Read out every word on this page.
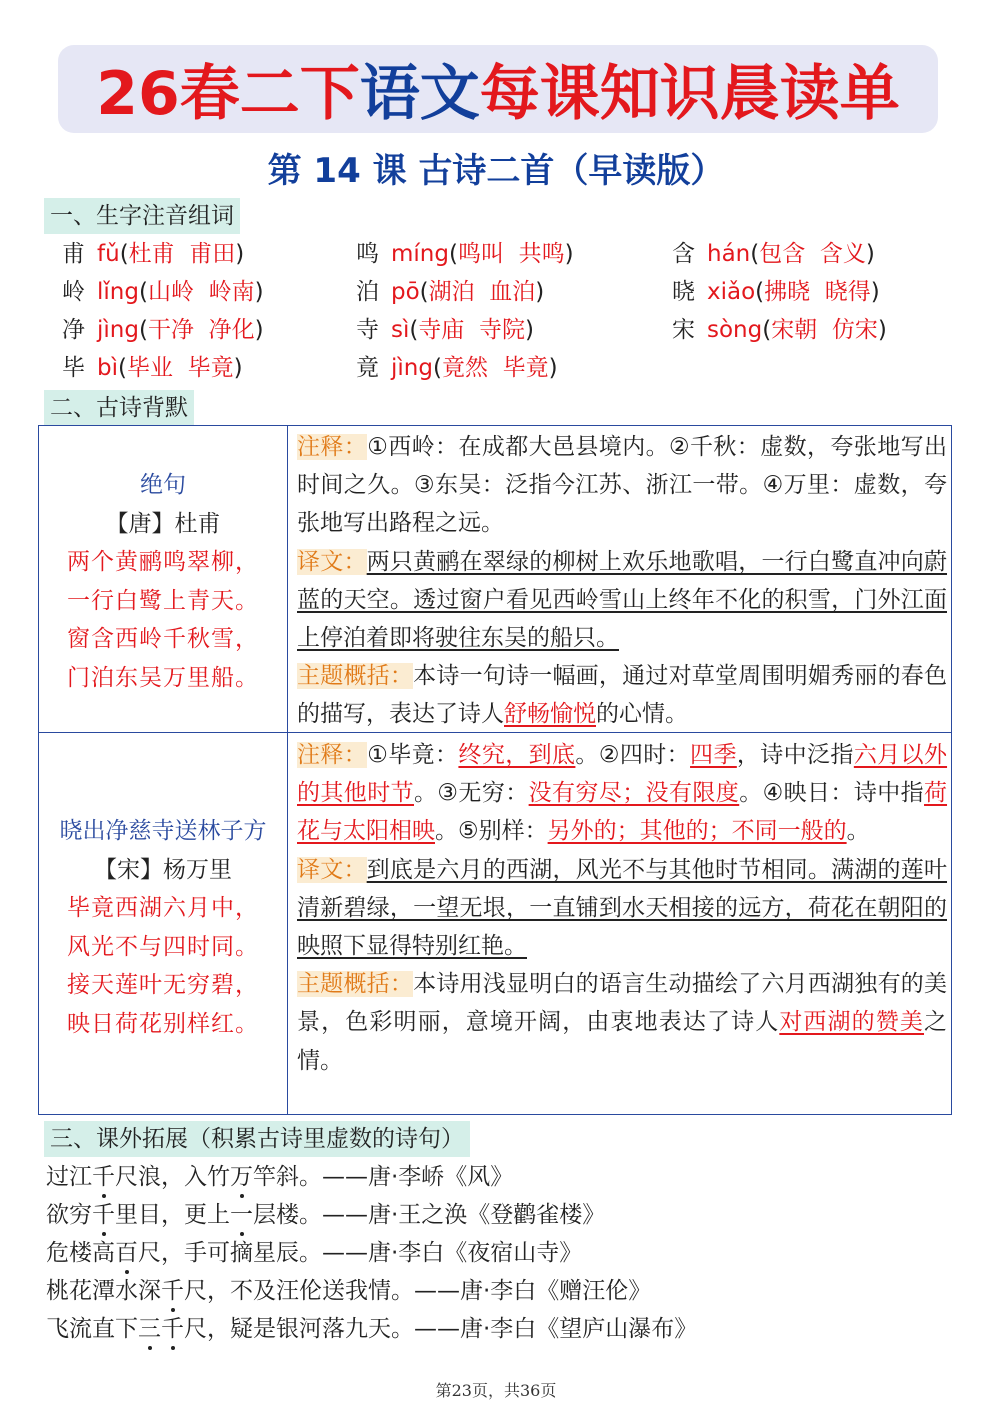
26春二下语文每课知识晨读单
第 14 课 古诗二首（早读版）
一、生字注音组词
甫 fǔ(杜甫  甫田)	鸣 míng(鸣叫  共鸣)	含 hán(包含  含义)
岭 lǐng(山岭  岭南)	泊 pō(湖泊  血泊)	晓 xiǎo(拂晓  晓得)
净 jìng(干净  净化)	寺 sì(寺庙  寺院)	宋 sòng(宋朝  仿宋)
毕 bì(毕业  毕竟)	竟 jìng(竟然  毕竟)
二、古诗背默
绝句
【唐】杜甫
两个黄鹂鸣翠柳，
一行白鹭上青天。
窗含西岭千秋雪，
门泊东吴万里船。

注释：①西岭：在成都大邑县境内。②千秋：虚数，夸张地写出时间之久。③东吴：泛指今江苏、浙江一带。④万里：虚数，夸张地写出路程之远。

译文：两只黄鹂在翠绿的柳树上欢乐地歌唱，一行白鹭直冲向蔚蓝的天空。透过窗户看见西岭雪山上终年不化的积雪，门外江面上停泊着即将驶往东吴的船只。

主题概括：本诗一句诗一幅画，通过对草堂周围明媚秀丽的春色的描写，表达了诗人舒畅愉悦的心情。

晓出净慈寺送林子方
【宋】杨万里
毕竟西湖六月中，
风光不与四时同。
接天莲叶无穷碧，
映日荷花别样红。

注释：①毕竟：终究，到底。②四时：四季，诗中泛指六月以外的其他时节。③无穷：没有穷尽；没有限度。④映日：诗中指荷花与太阳相映。⑤别样：另外的；其他的；不同一般的。

译文：到底是六月的西湖，风光不与其他时节相同。满湖的莲叶清新碧绿，一望无垠，一直铺到水天相接的远方，荷花在朝阳的映照下显得特别红艳。

主题概括：本诗用浅显明白的语言生动描绘了六月西湖独有的美景，色彩明丽，意境开阔，由衷地表达了诗人对西湖的赞美之情。

三、课外拓展（积累古诗里虚数的诗句）
过江千尺浪，入竹万竿斜。——唐·李峤《风》
欲穷千里目，更上一层楼。——唐·王之涣《登鹳雀楼》
危楼高百尺，手可摘星辰。——唐·李白《夜宿山寺》
桃花潭水深千尺，不及汪伦送我情。——唐·李白《赠汪伦》
飞流直下三千尺，疑是银河落九天。——唐·李白《望庐山瀑布》
第23页，共36页
